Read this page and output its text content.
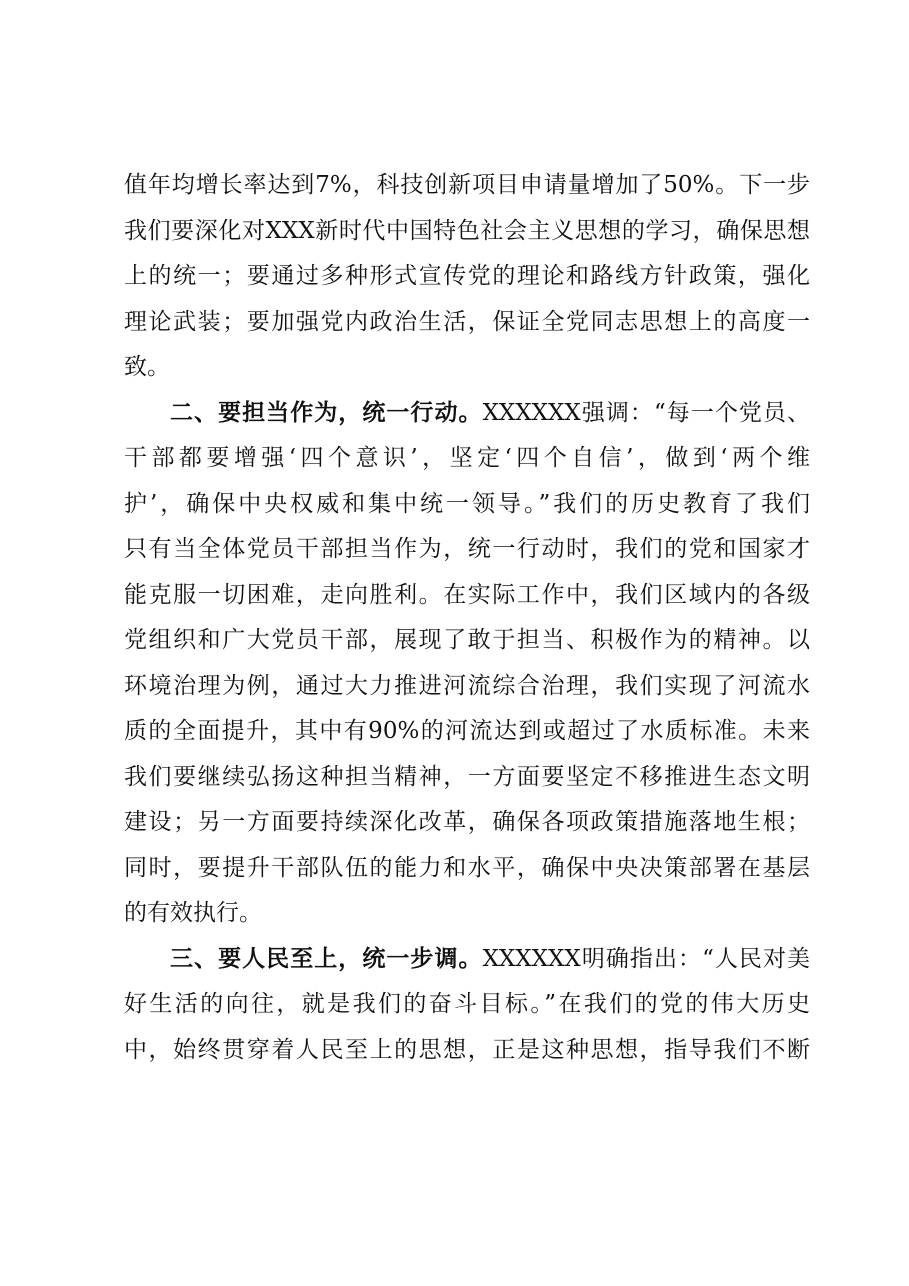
值年均增长率达到7%，科技创新项目申请量增加了50%。下一步
我们要深化对XXX新时代中国特色社会主义思想的学习，确保思想
上的统一；要通过多种形式宣传党的理论和路线方针政策，强化
理论武装；要加强党内政治生活，保证全党同志思想上的高度一
致。
二、要担当作为，统一行动。XXXXXX强调：“每一个党员、
干部都要增强‘四个意识’，坚定‘四个自信’，做到‘两个维
护’，确保中央权威和集中统一领导。”我们的历史教育了我们
只有当全体党员干部担当作为，统一行动时，我们的党和国家才
能克服一切困难，走向胜利。在实际工作中，我们区域内的各级
党组织和广大党员干部，展现了敢于担当、积极作为的精神。以
环境治理为例，通过大力推进河流综合治理，我们实现了河流水
质的全面提升，其中有90%的河流达到或超过了水质标准。未来
我们要继续弘扬这种担当精神，一方面要坚定不移推进生态文明
建设；另一方面要持续深化改革，确保各项政策措施落地生根；
同时，要提升干部队伍的能力和水平，确保中央决策部署在基层
的有效执行。
三、要人民至上，统一步调。XXXXXX明确指出：“人民对美
好生活的向往，就是我们的奋斗目标。”在我们的党的伟大历史
中，始终贯穿着人民至上的思想，正是这种思想，指导我们不断
